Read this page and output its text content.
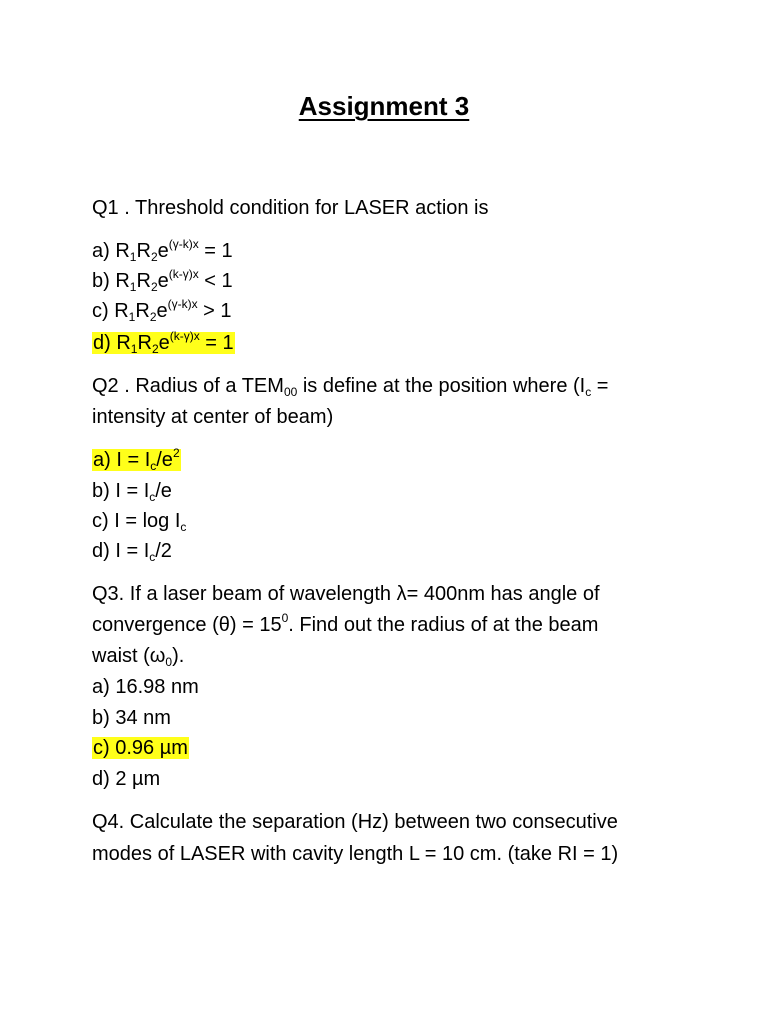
Assignment 3
Q1 . Threshold condition for LASER action is
a) $R_1R_2e^{(\gamma-k)x} = 1$
b) $R_1R_2e^{(k-\gamma)x} < 1$
c) $R_1R_2e^{(\gamma-k)x} > 1$
d) $R_1R_2e^{(k-\gamma)x} = 1$
Q2 . Radius of a $TEM_{00}$ is define at the position where ($I_c$ =
intensity at center of beam)
a) $I = I_c/e^2$
b) $I = I_c/e$
c) $I = \log I_c$
d) $I = I_c/2$
Q3. If a laser beam of wavelength λ= 400nm has angle of
convergence $(\theta) = 15^0$. Find out the radius of at the beam
waist $(\omega_0)$.
a) 16.98 nm
b) 34 nm
c) 0.96 µm
d) 2 µm
Q4. Calculate the separation (Hz) between two consecutive
modes of LASER with cavity length L = 10 cm. (take RI = 1)
